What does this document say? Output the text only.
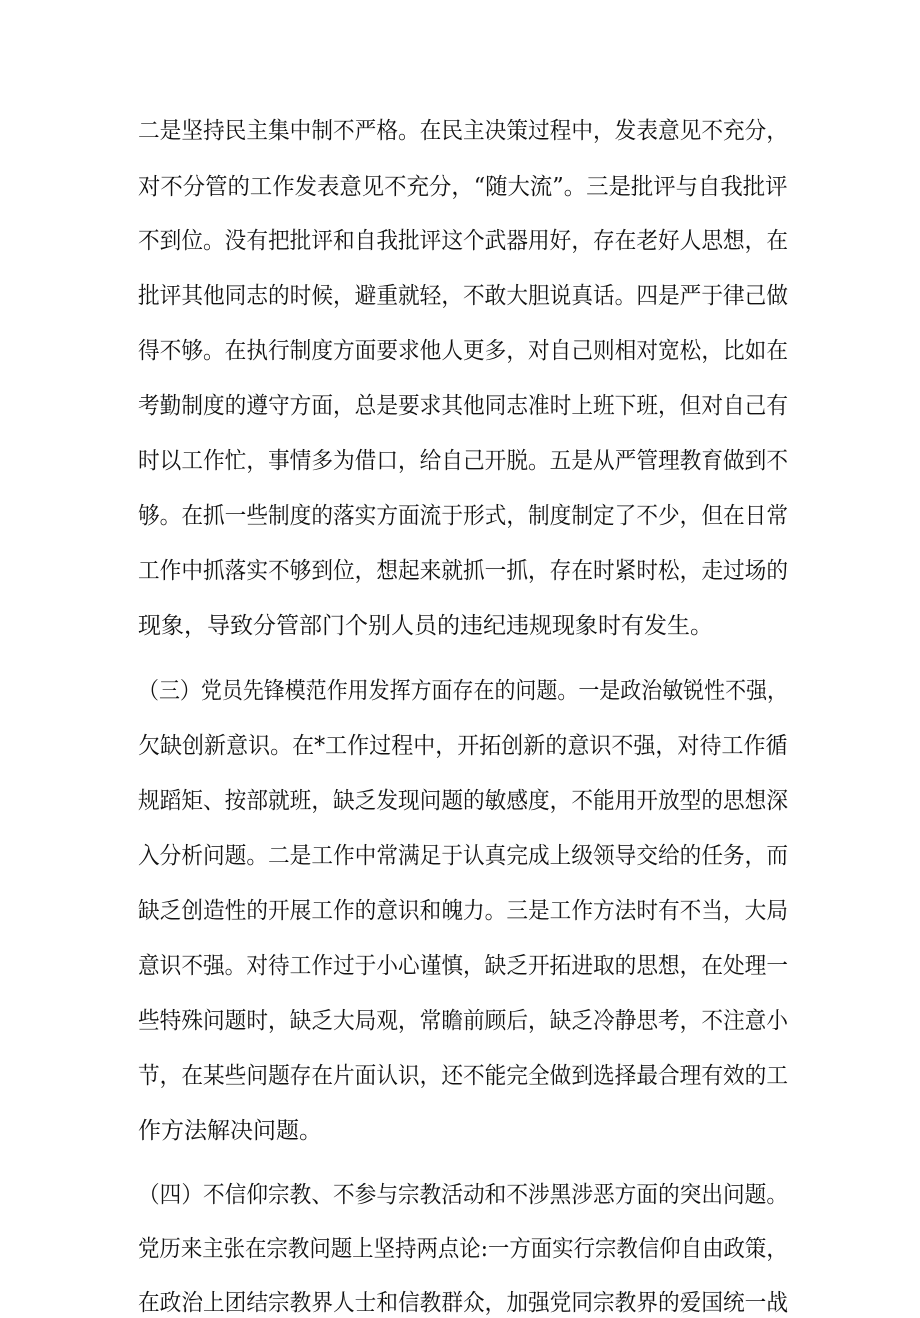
二是坚持民主集中制不严格。在民主决策过程中，发表意见不充分，
对不分管的工作发表意见不充分，“随大流”。三是批评与自我批评
不到位。没有把批评和自我批评这个武器用好，存在老好人思想，在
批评其他同志的时候，避重就轻，不敢大胆说真话。四是严于律己做
得不够。在执行制度方面要求他人更多，对自己则相对宽松，比如在
考勤制度的遵守方面，总是要求其他同志准时上班下班，但对自己有
时以工作忙，事情多为借口，给自己开脱。五是从严管理教育做到不
够。在抓一些制度的落实方面流于形式，制度制定了不少，但在日常
工作中抓落实不够到位，想起来就抓一抓，存在时紧时松，走过场的
现象，导致分管部门个别人员的违纪违规现象时有发生。
（三）党员先锋模范作用发挥方面存在的问题。一是政治敏锐性不强，
欠缺创新意识。在*工作过程中，开拓创新的意识不强，对待工作循
规蹈矩、按部就班，缺乏发现问题的敏感度，不能用开放型的思想深
入分析问题。二是工作中常满足于认真完成上级领导交给的任务，而
缺乏创造性的开展工作的意识和魄力。三是工作方法时有不当，大局
意识不强。对待工作过于小心谨慎，缺乏开拓进取的思想，在处理一
些特殊问题时，缺乏大局观，常瞻前顾后，缺乏冷静思考，不注意小
节，在某些问题存在片面认识，还不能完全做到选择最合理有效的工
作方法解决问题。
（四）不信仰宗教、不参与宗教活动和不涉黑涉恶方面的突出问题。
党历来主张在宗教问题上坚持两点论:一方面实行宗教信仰自由政策，
在政治上团结宗教界人士和信教群众，加强党同宗教界的爱国统一战
